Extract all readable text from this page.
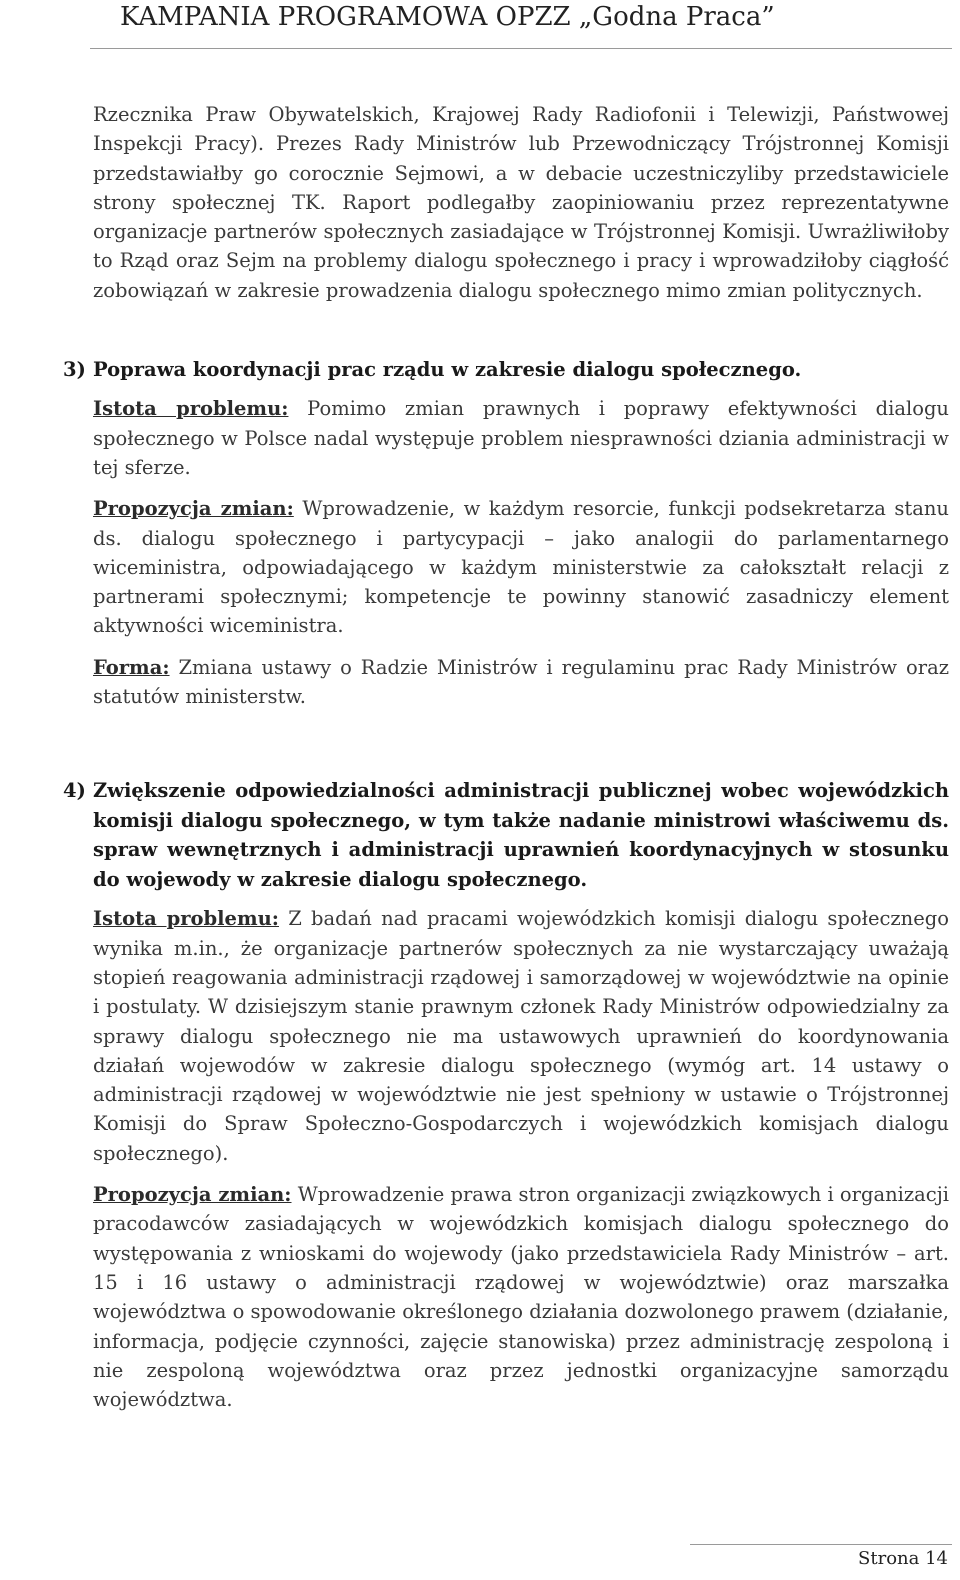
KAMPANIA PROGRAMOWA OPZZ „Godna Praca”

Rzecznika Praw Obywatelskich, Krajowej Rady Radiofonii i Telewizji, Państwowej Inspekcji Pracy). Prezes Rady Ministrów lub Przewodniczący Trójstronnej Komisji przedstawiałby go corocznie Sejmowi, a w debacie uczestniczyliby przedstawiciele strony społecznej TK. Raport podlegałby zaopiniowaniu przez reprezentatywne organizacje partnerów społecznych zasiadające w Trójstronnej Komisji. Uwrażliwiłoby to Rząd oraz Sejm na problemy dialogu społecznego i pracy i wprowadziłoby ciągłość zobowiązań w zakresie prowadzenia dialogu społecznego mimo zmian politycznych.

3) Poprawa koordynacji prac rządu w zakresie dialogu społecznego.

Istota problemu: Pomimo zmian prawnych i poprawy efektywności dialogu społecznego w Polsce nadal występuje problem niesprawności dziania administracji w tej sferze.

Propozycja zmian: Wprowadzenie, w każdym resorcie, funkcji podsekretarza stanu ds. dialogu społecznego i partycypacji – jako analogii do parlamentarnego wiceministra, odpowiadającego w każdym ministerstwie za całokształt relacji z partnerami społecznymi; kompetencje te powinny stanowić zasadniczy element aktywności wiceministra.

Forma: Zmiana ustawy o Radzie Ministrów i regulaminu prac Rady Ministrów oraz statutów ministerstw.

4) Zwiększenie odpowiedzialności administracji publicznej wobec wojewódzkich komisji dialogu społecznego, w tym także nadanie ministrowi właściwemu ds. spraw wewnętrznych i administracji uprawnień koordynacyjnych w stosunku do wojewody w zakresie dialogu społecznego.

Istota problemu: Z badań nad pracami wojewódzkich komisji dialogu społecznego wynika m.in., że organizacje partnerów społecznych za nie wystarczający uważają stopień reagowania administracji rządowej i samorządowej w województwie na opinie i postulaty. W dzisiejszym stanie prawnym członek Rady Ministrów odpowiedzialny za sprawy dialogu społecznego nie ma ustawowych uprawnień do koordynowania działań wojewodów w zakresie dialogu społecznego (wymóg art. 14 ustawy o administracji rządowej w województwie nie jest spełniony w ustawie o Trójstronnej Komisji do Spraw Społeczno-Gospodarczych i wojewódzkich komisjach dialogu społecznego).

Propozycja zmian: Wprowadzenie prawa stron organizacji związkowych i organizacji pracodawców zasiadających w wojewódzkich komisjach dialogu społecznego do występowania z wnioskami do wojewody (jako przedstawiciela Rady Ministrów – art. 15 i 16 ustawy o administracji rządowej w województwie) oraz marszałka województwa o spowodowanie określonego działania dozwolonego prawem (działanie, informacja, podjęcie czynności, zajęcie stanowiska) przez administrację zespoloną i nie zespoloną województwa oraz przez jednostki organizacyjne samorządu województwa.

Strona 14
